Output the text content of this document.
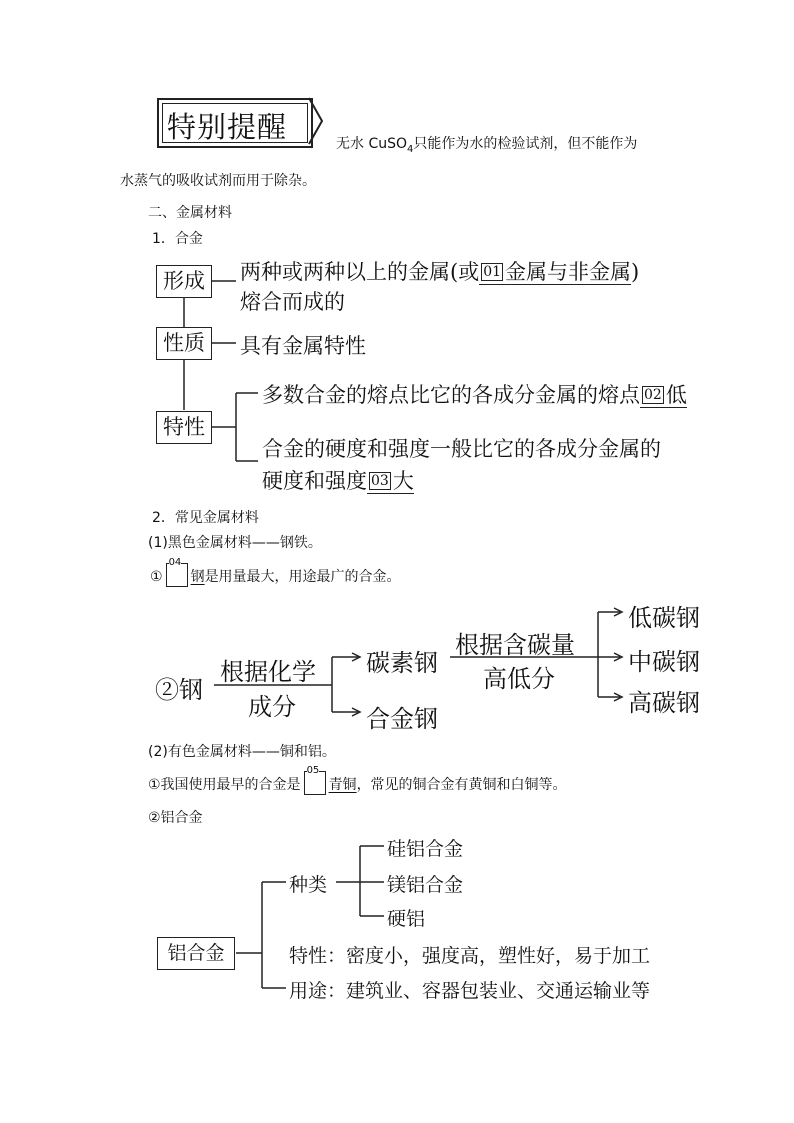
特别提醒	无水 CuSO$_4$只能作为水的检验试剂，但不能作为
水蒸气的吸收试剂而用于除杂。
二、金属材料
1．合金
形成
性质
特性
两种或两种以上的金属(或 01 金属与非金属)
熔合而成的
具有金属特性
多数合金的熔点比它的各成分金属的熔点 02 低
合金的硬度和强度一般比它的各成分金属的
硬度和强度 03 大
2．常见金属材料
(1)黑色金属材料——钢铁。
①
04
钢是用量最大，用途最广的合金。
②钢
根据化学
成分
碳素钢
合金钢
根据含碳量
高低分
低碳钢
中碳钢
高碳钢
(2)有色金属材料——铜和铝。
①我国使用最早的合金是
05
青铜，常见的铜合金有黄铜和白铜等。
②铝合金
铝合金
种类
硅铝合金
镁铝合金
硬铝
特性：密度小，强度高，塑性好，易于加工
用途：建筑业、容器包装业、交通运输业等
